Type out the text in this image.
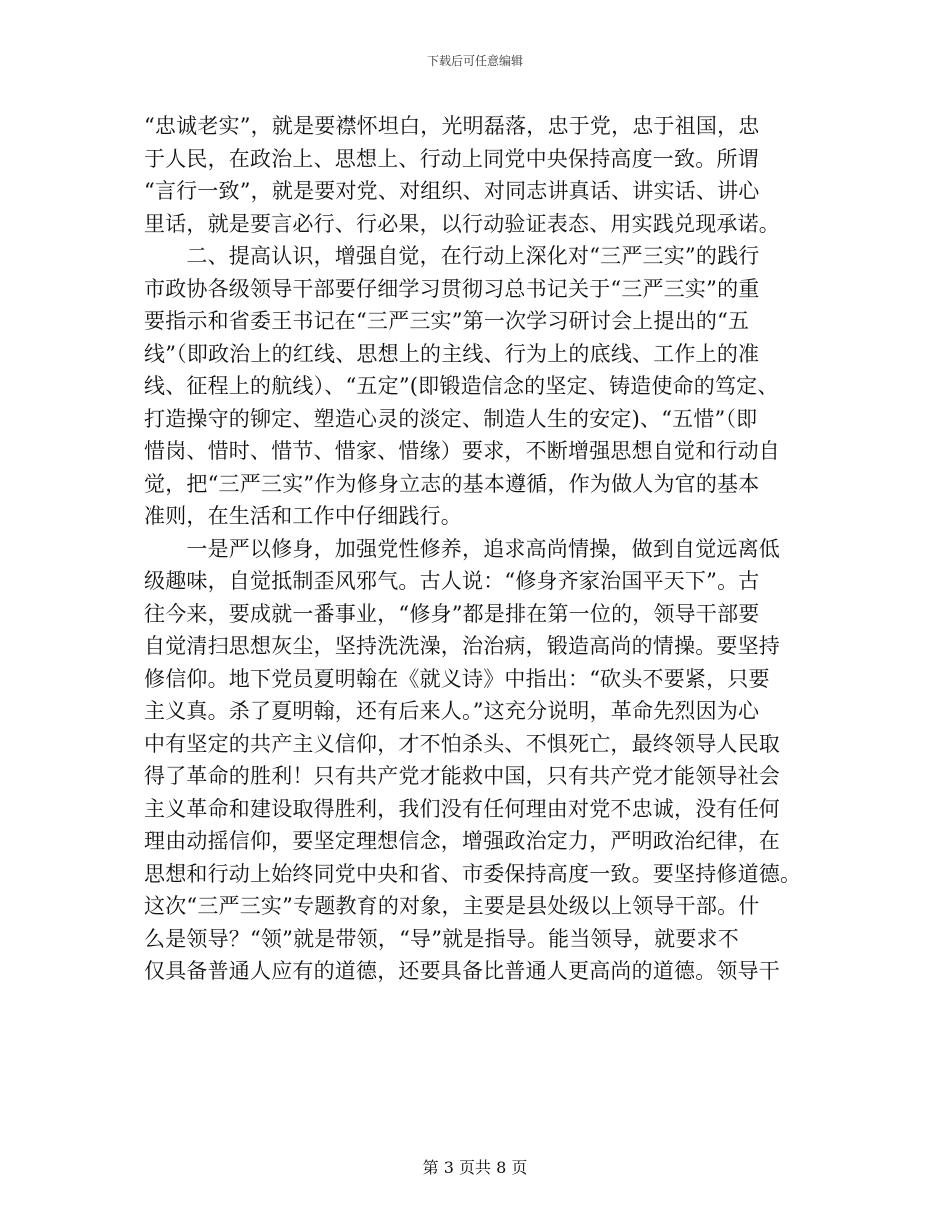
下载后可任意编辑
“忠诚老实”，就是要襟怀坦白，光明磊落，忠于党，忠于祖国，忠
于人民，在政治上、思想上、行动上同党中央保持高度一致。所谓
“言行一致”，就是要对党、对组织、对同志讲真话、讲实话、讲心
里话，就是要言必行、行必果，以行动验证表态、用实践兑现承诺。
　　二、提高认识，增强自觉，在行动上深化对“三严三实”的践行
市政协各级领导干部要仔细学习贯彻习总书记关于“三严三实”的重
要指示和省委王书记在“三严三实”第一次学习研讨会上提出的“五
线”（即政治上的红线、思想上的主线、行为上的底线、工作上的准
线、征程上的航线）、“五定”(即锻造信念的坚定、铸造使命的笃定、
打造操守的铆定、塑造心灵的淡定、制造人生的安定)、“五惜”（即
惜岗、惜时、惜节、惜家、惜缘）要求，不断增强思想自觉和行动自
觉，把“三严三实”作为修身立志的基本遵循，作为做人为官的基本
准则，在生活和工作中仔细践行。
　　一是严以修身，加强党性修养，追求高尚情操，做到自觉远离低
级趣味，自觉抵制歪风邪气。古人说：“修身齐家治国平天下”。古
往今来，要成就一番事业，“修身”都是排在第一位的，领导干部要
自觉清扫思想灰尘，坚持洗洗澡，治治病，锻造高尚的情操。要坚持
修信仰。地下党员夏明翰在《就义诗》中指出：“砍头不要紧，只要
主义真。杀了夏明翰，还有后来人。”这充分说明，革命先烈因为心
中有坚定的共产主义信仰，才不怕杀头、不惧死亡，最终领导人民取
得了革命的胜利！只有共产党才能救中国，只有共产党才能领导社会
主义革命和建设取得胜利，我们没有任何理由对党不忠诚，没有任何
理由动摇信仰，要坚定理想信念，增强政治定力，严明政治纪律，在
思想和行动上始终同党中央和省、市委保持高度一致。要坚持修道德。
这次“三严三实”专题教育的对象，主要是县处级以上领导干部。什
么是领导？“领”就是带领，“导”就是指导。能当领导，就要求不
仅具备普通人应有的道德，还要具备比普通人更高尚的道德。领导干
第 3 页共 8 页
